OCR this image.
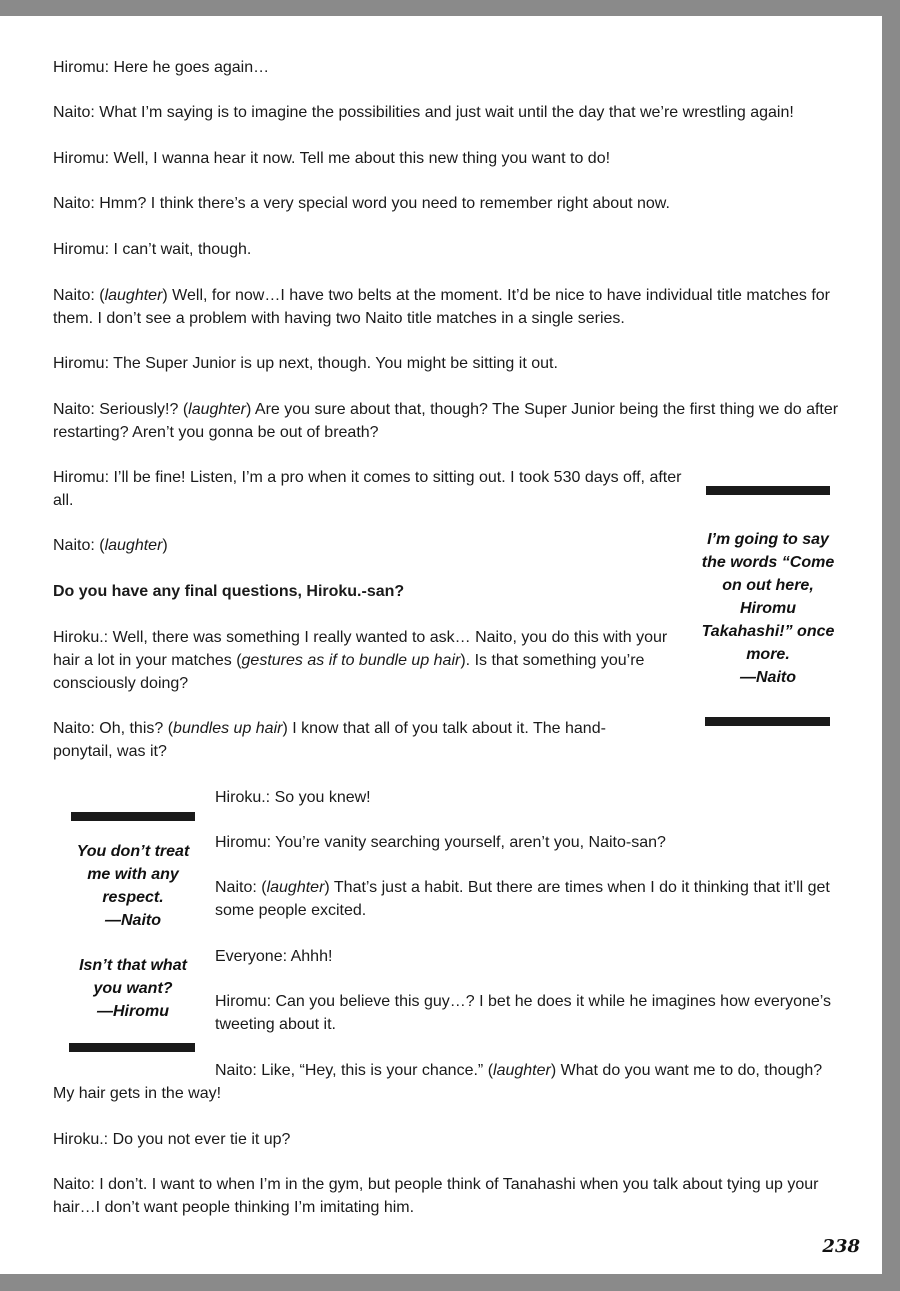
Hiromu: Here he goes again…

Naito: What I’m saying is to imagine the possibilities and just wait until the day that we’re wrestling again!

Hiromu: Well, I wanna hear it now. Tell me about this new thing you want to do!

Naito: Hmm? I think there’s a very special word you need to remember right about now.

Hiromu: I can’t wait, though.

Naito: (laughter) Well, for now…I have two belts at the moment. It’d be nice to have individual title matches for them. I don’t see a problem with having two Naito title matches in a single series.

Hiromu: The Super Junior is up next, though. You might be sitting it out.

Naito: Seriously!? (laughter) Are you sure about that, though? The Super Junior being the first thing we do after restarting? Aren’t you gonna be out of breath?

Hiromu: I’ll be fine! Listen, I’m a pro when it comes to sitting out. I took 530 days off, after all.

Naito: (laughter)

Do you have any final questions, Hiroku.-san?

Hiroku.: Well, there was something I really wanted to ask… Naito, you do this with your hair a lot in your matches (gestures as if to bundle up hair). Is that something you’re consciously doing?

Naito: Oh, this? (bundles up hair) I know that all of you talk about it. The hand-ponytail, was it?

I’m going to say the words “Come on out here, Hiromu Takahashi!” once more.
—Naito
You don’t treat me with any respect.
—Naito
Isn’t that what you want?
—Hiromu

Hiroku.: So you knew!

Hiromu: You’re vanity searching yourself, aren’t you, Naito-san?

Naito: (laughter) That’s just a habit. But there are times when I do it thinking that it’ll get some people excited.

Everyone: Ahhh!

Hiromu: Can you believe this guy…? I bet he does it while he imagines how everyone’s tweeting about it.

Naito: Like, “Hey, this is your chance.” (laughter) What do you want me to do, though?

My hair gets in the way!

Hiroku.: Do you not ever tie it up?

Naito: I don’t. I want to when I’m in the gym, but people think of Tanahashi when you talk about tying up your hair…I don’t want people thinking I’m imitating him.

238
